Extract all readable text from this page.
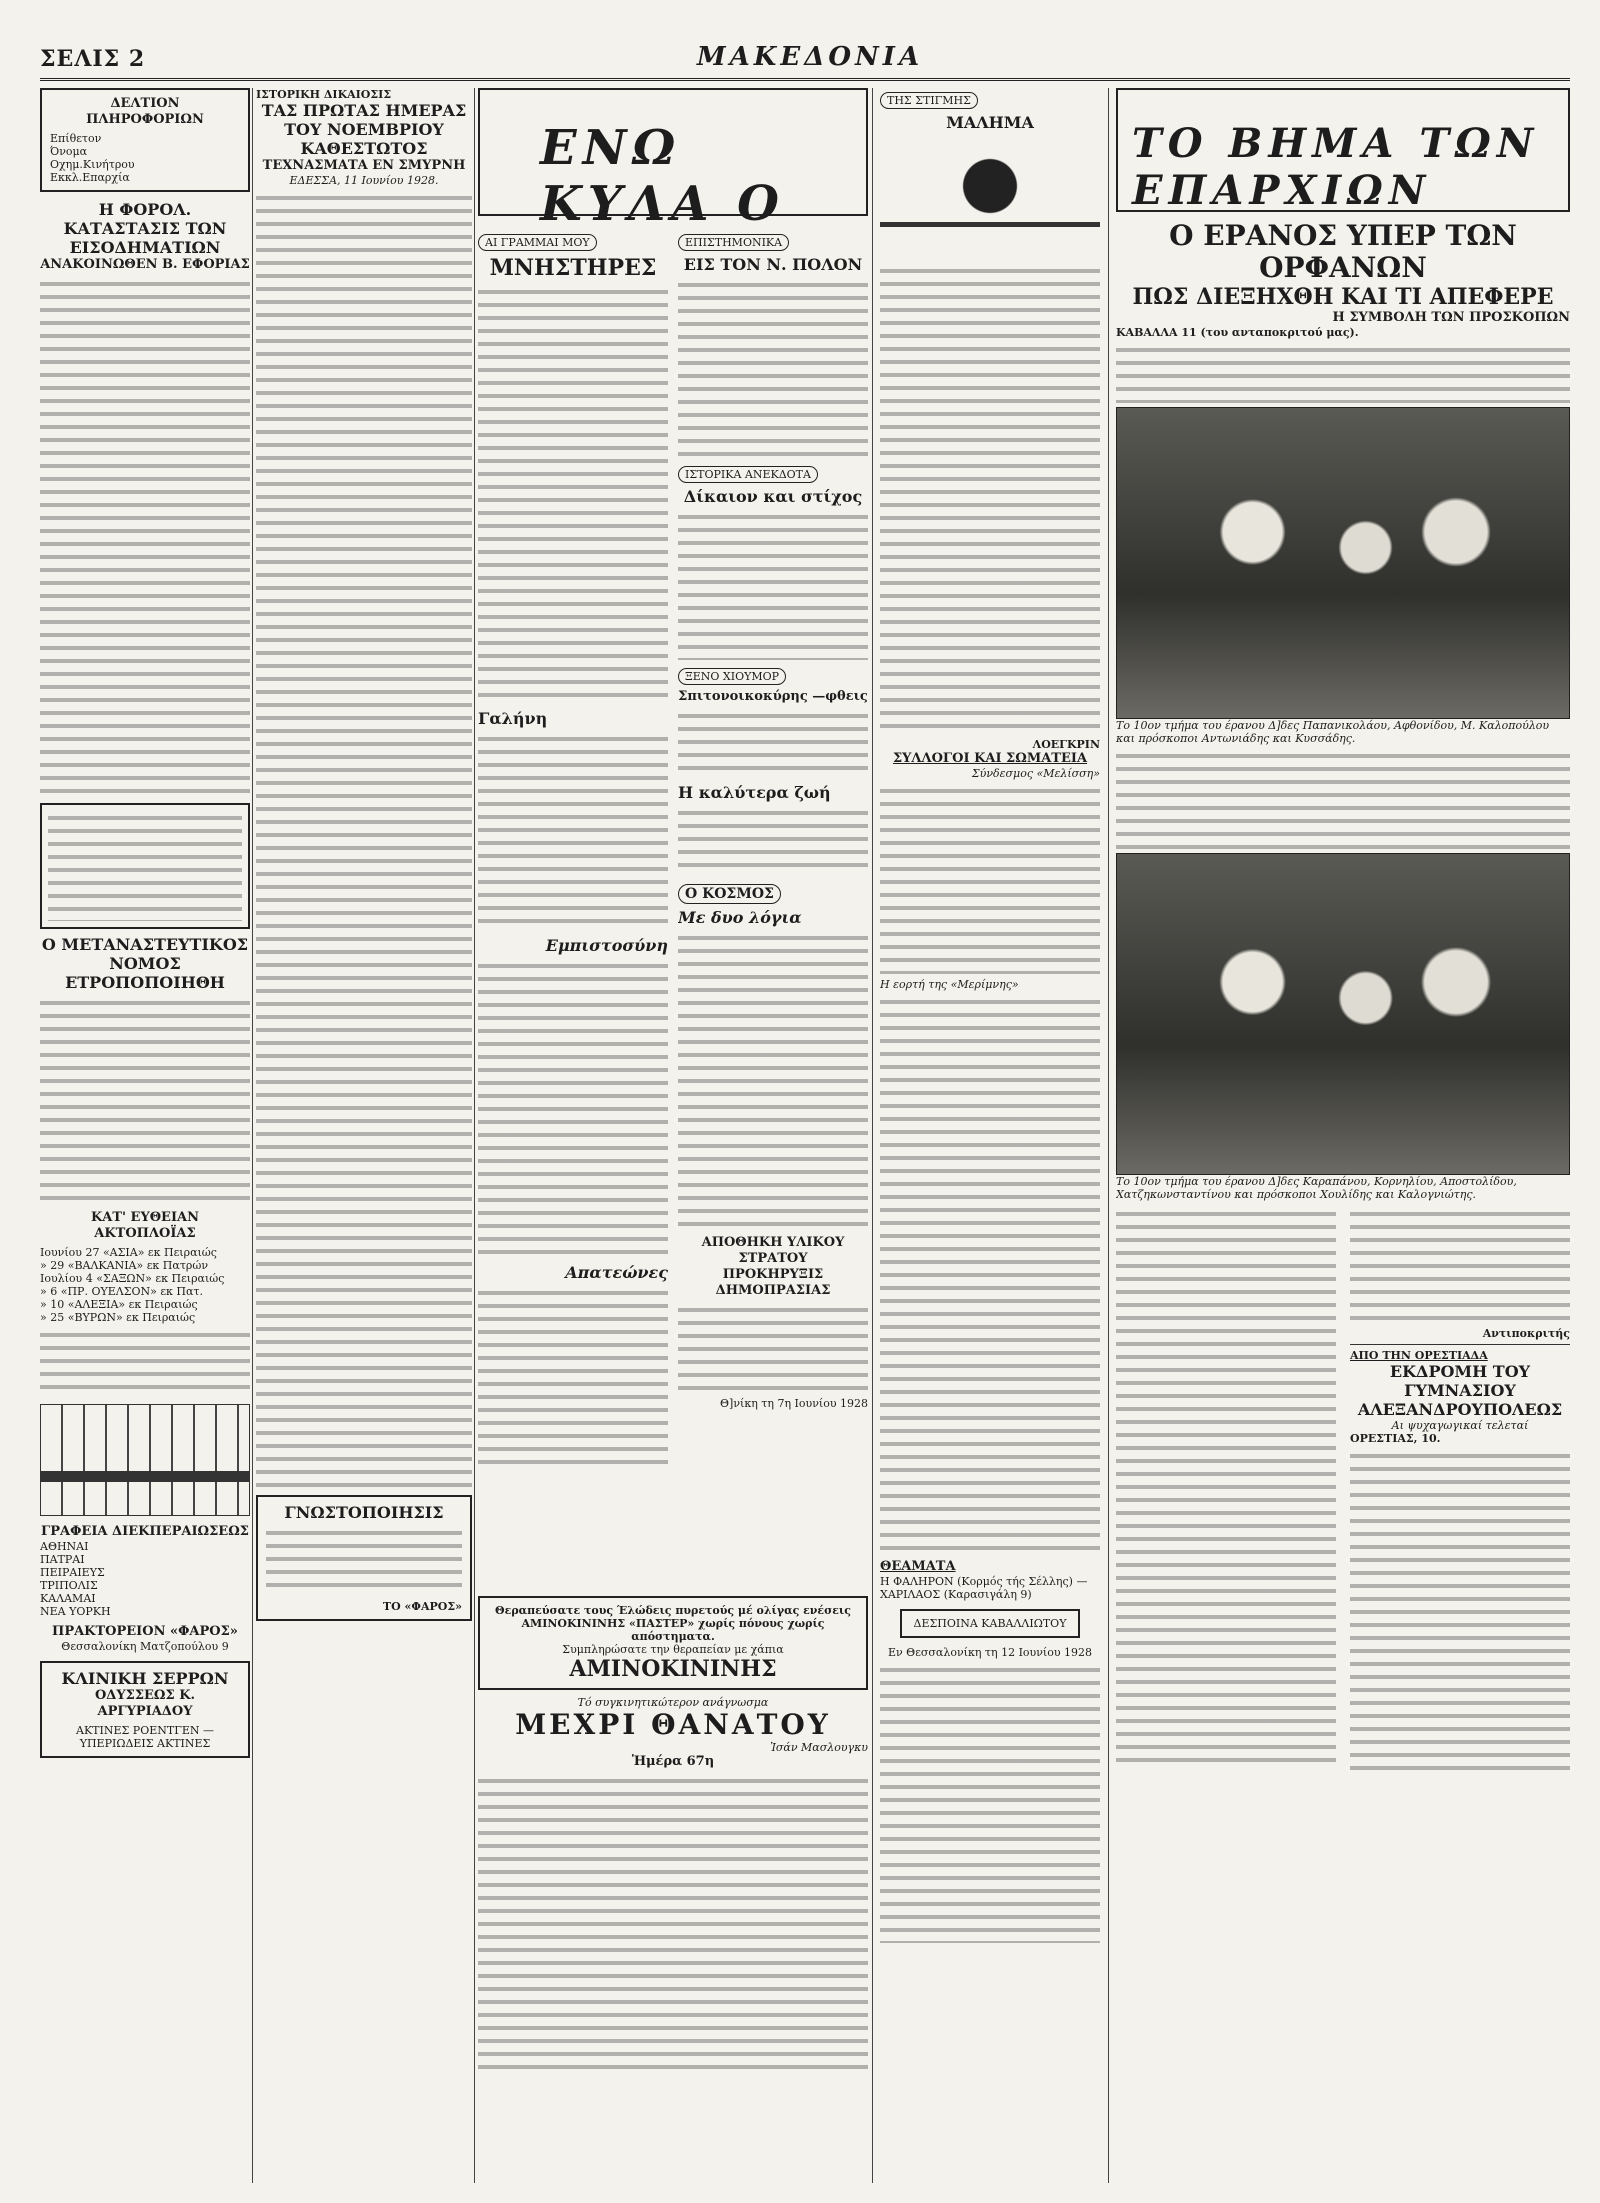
ΣΕΛΙΣ 2	ΜΑΚΕΔΟΝΙΑ
ΔΕΛΤΙΟΝ ΠΛΗΡΟΦΟΡΙΩΝ
Επίθετον
Όνομα
Οχημ.Κινήτρου
Εκκλ.Επαρχία
Η ΦΟΡΟΛ. ΚΑΤΑΣΤΑΣΙΣ ΤΩΝ ΕΙΣΟΔΗΜΑΤΙΩΝ
ΑΝΑΚΟΙΝΩΘΕΝ Β. ΕΦΟΡΙΑΣ
Ο ΜΕΤΑΝΑΣΤΕΥΤΙΚΟΣ ΝΟΜΟΣ ΕΤΡΟΠΟΠΟΙΗΘΗ
ΚΑΤ' ΕΥΘΕΙΑΝ ΑΚΤΟΠΛΟΪΑΣ
Ιουνίου 27 «ΑΣΙΑ» εκ Πειραιώς
» 29 «ΒΑΛΚΑΝΙΑ» εκ Πατρών
Ιουλίου 4 «ΣΑΞΩΝ» εκ Πειραιώς
» 6 «ΠΡ. ΟΥΕΛΣΟΝ» εκ Πατ.
» 10 «ΑΛΕΞΙΑ» εκ Πειραιώς
» 25 «ΒΥΡΩΝ» εκ Πειραιώς
ΓΡΑΦΕΙΑ ΔΙΕΚΠΕΡΑΙΩΣΕΩΣ
ΑΘΗΝΑΙ
ΠΑΤΡΑΙ
ΠΕΙΡΑΙΕΥΣ
ΤΡΙΠΟΛΙΣ
ΚΑΛΑΜΑΙ
ΝΕΑ ΥΟΡΚΗ
ΠΡΑΚΤΟΡΕΙΟΝ «ΦΑΡΟΣ»
Θεσσαλονίκη Ματζοπούλου 9
ΚΛΙΝΙΚΗ ΣΕΡΡΩΝ
ΟΔΥΣΣΕΩΣ Κ. ΑΡΓΥΡΙΑΔΟΥ
ΑΚΤΙΝΕΣ ΡΟΕΝΤΓΕΝ — ΥΠΕΡΙΩΔΕΙΣ ΑΚΤΙΝΕΣ
ΙΣΤΟΡΙΚΗ ΔΙΚΑΙΟΣΙΣ
ΤΑΣ ΠΡΩΤΑΣ ΗΜΕΡΑΣ ΤΟΥ ΝΟΕΜΒΡΙΟΥ ΚΑΘΕΣΤΩΤΟΣ
ΤΕΧΝΑΣΜΑΤΑ ΕΝ ΣΜΥΡΝΗ
ΕΔΕΣΣΑ, 11 Ιουνίου 1928.
ΓΝΩΣΤΟΠΟΙΗΣΙΣ
ΤΟ «ΦΑΡΟΣ»
ΕΝΩ ΚΥΛΑ Ο
ΑΙ ΓΡΑΜΜΑΙ ΜΟΥ
ΜΝΗΣΤΗΡΕΣ
Γαλήνη
Εμπιστοσύνη
Απατεώνες
ΕΠΙΣΤΗΜΟΝΙΚΑ
ΕΙΣ ΤΟΝ Ν. ΠΟΛΟΝ
ΙΣΤΟΡΙΚΑ ΑΝΕΚΔΟΤΑ
Δίκαιον και στίχος
ΞΕΝΟ ΧΙΟΥΜΟΡ
Σπιτονοικοκύρης —φθεις
Η καλύτερα ζωή
Ο ΚΟΣΜΟΣ
Με δυο λόγια
ΑΠΟΘΗΚΗ ΥΛΙΚΟΥ ΣΤΡΑΤΟΥ
ΠΡΟΚΗΡΥΞΙΣ ΔΗΜΟΠΡΑΣΙΑΣ
Θ]νίκη τη 7η Ιουνίου 1928
Θεραπεύσατε τους Έλώδεις πυρετούς μέ ολίγας ενέσεις ΑΜΙΝΟΚΙΝΙΝΗΣ «ΠΑΣΤΕΡ» χωρίς πόνους χωρίς απόστηματα.
Συμπληρώσατε την θεραπείαν με χάπια
ΑΜΙΝΟΚΙΝΙΝΗΣ
Τό συγκινητικώτερον ανάγνωσμα
ΜΕΧΡΙ ΘΑΝΑΤΟΥ
Ἰσάν Μασλουγκυ
Ἡμέρα 67η
ΤΗΣ ΣΤΙΓΜΗΣ
ΜΑΛΗΜΑ
ΛΟΕΓΚΡΙΝ
ΣΥΛΛΟΓΟΙ ΚΑΙ ΣΩΜΑΤΕΙΑ
Σύνδεσμος «Μελίσση»
Η εορτή της «Μερίμνης»
ΘΕΑΜΑΤΑ
Η ΦΑΛΗΡΟΝ (Κορμός τής Σέλλης) — ΧΑΡΙΛΑΟΣ (Καρασιγάλη 9)
ΔΕΣΠΟΙΝΑ ΚΑΒΑΛΛΙΩΤΟΥ
Εν Θεσσαλονίκη τη 12 Ιουνίου 1928
ΤΟ ΒΗΜΑ ΤΩΝ ΕΠΑΡΧΙΩΝ
Ο ΕΡΑΝΟΣ ΥΠΕΡ ΤΩΝ ΟΡΦΑΝΩΝ
ΠΩΣ ΔΙΕΞΗΧΘΗ ΚΑΙ ΤΙ ΑΠΕΦΕΡΕ
Η ΣΥΜΒΟΛΗ ΤΩΝ ΠΡΟΣΚΟΠΩΝ
ΚΑΒΑΛΛΑ 11 (του ανταποκριτού μας).
Το 10ον τμήμα του έρανου Δ]δες Παπανικολάου, Αφθονίδου, Μ. Καλοπούλου και πρόσκοποι Αντωνιάδης και Κυσσάδης.
Το 10ον τμήμα του έρανου Δ]δες Καραπάνου, Κορνηλίου, Αποστολίδου, Χατζηκωνσταντίνου και πρόσκοποι Χουλίδης και Καλογνιώτης.
Αντιποκριτής
ΑΠΟ ΤΗΝ ΟΡΕΣΤΙΑΔΑ
ΕΚΔΡΟΜΗ ΤΟΥ ΓΥΜΝΑΣΙΟΥ ΑΛΕΞΑΝΔΡΟΥΠΟΛΕΩΣ
Αι ψυχαγωγικαί τελεταί
ΟΡΕΣΤΙΑΣ, 10.
